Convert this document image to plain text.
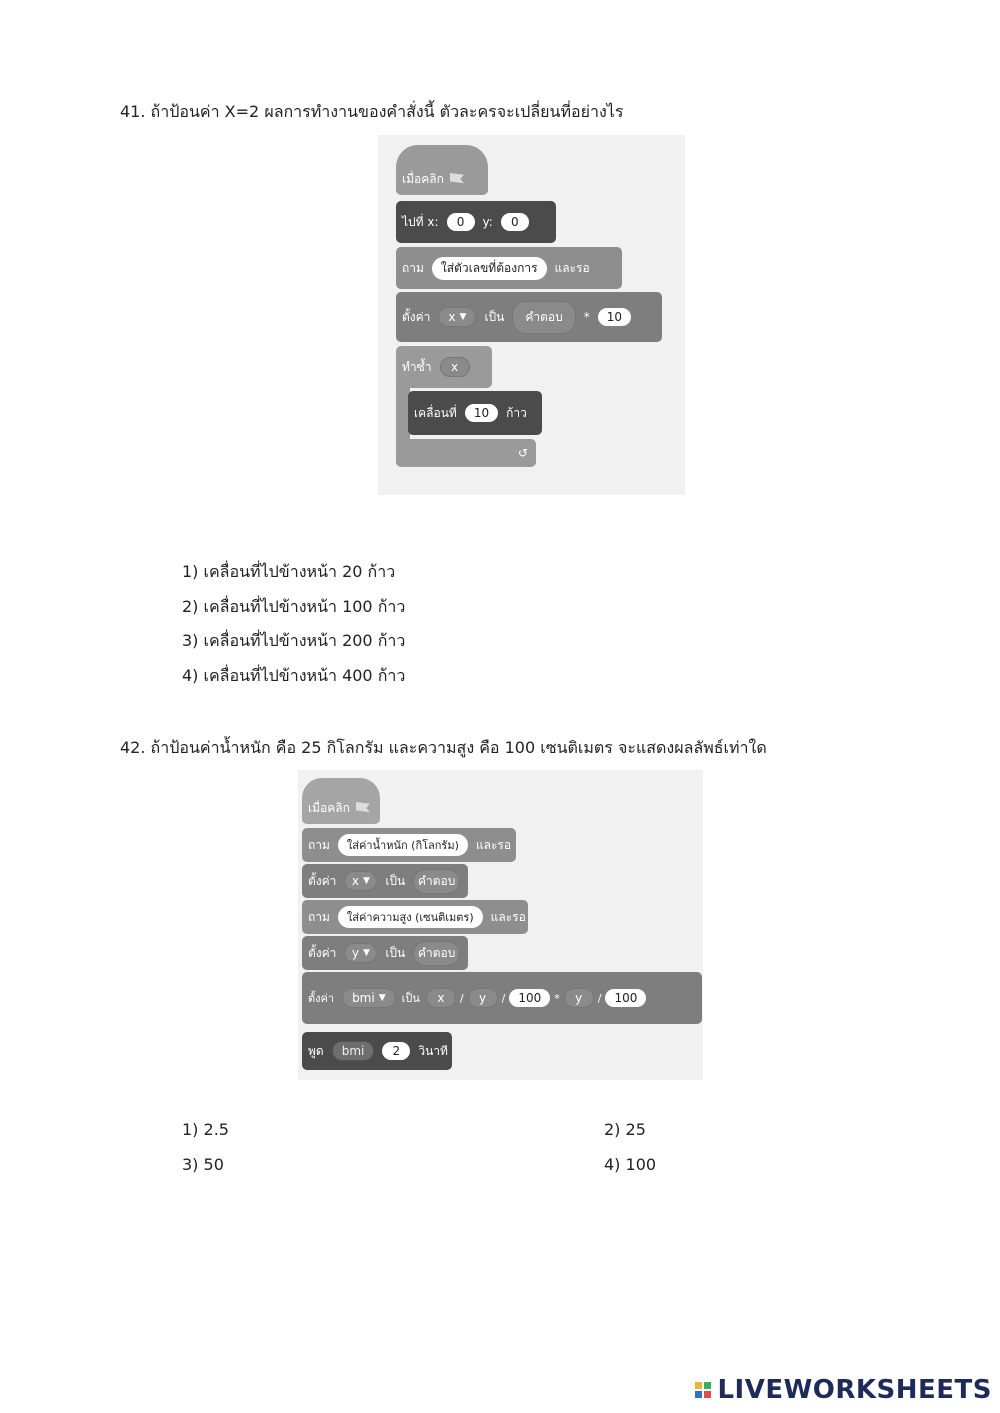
41. ถ้าป้อนค่า X=2 ผลการทำงานของคำสั่งนี้ ตัวละครจะเปลี่ยนที่อย่างไร
เมื่อคลิก
ไปที่ x:	0	y:	0
ถาม	ใส่ตัวเลขที่ต้องการ	และรอ
ตั้งค่า x ▼ เป็น	คำตอบ	*	10
ทำซ้ำ	x
เคลื่อนที่	10	ก้าว
↺
1) เคลื่อนที่ไปข้างหน้า 20 ก้าว
2) เคลื่อนที่ไปข้างหน้า 100 ก้าว
3) เคลื่อนที่ไปข้างหน้า 200 ก้าว
4) เคลื่อนที่ไปข้างหน้า 400 ก้าว
42. ถ้าป้อนค่าน้ำหนัก คือ 25 กิโลกรัม และความสูง คือ 100 เซนติเมตร จะแสดงผลลัพธ์เท่าใด
เมื่อคลิก
ถาม	ใส่ค่าน้ำหนัก (กิโลกรัม)	และรอ
ตั้งค่า x ▼ เป็น	คำตอบ
ถาม	ใส่ค่าความสูง (เซนติเมตร)	และรอ
ตั้งค่า y ▼ เป็น	คำตอบ
ตั้งค่า bmi ▼ เป็น	x	/	y	/	100	*	y	/	100
พูด	bmi	2	วินาที
1) 2.5	2) 25
3) 50	4) 100
LIVEWORKSHEETS
